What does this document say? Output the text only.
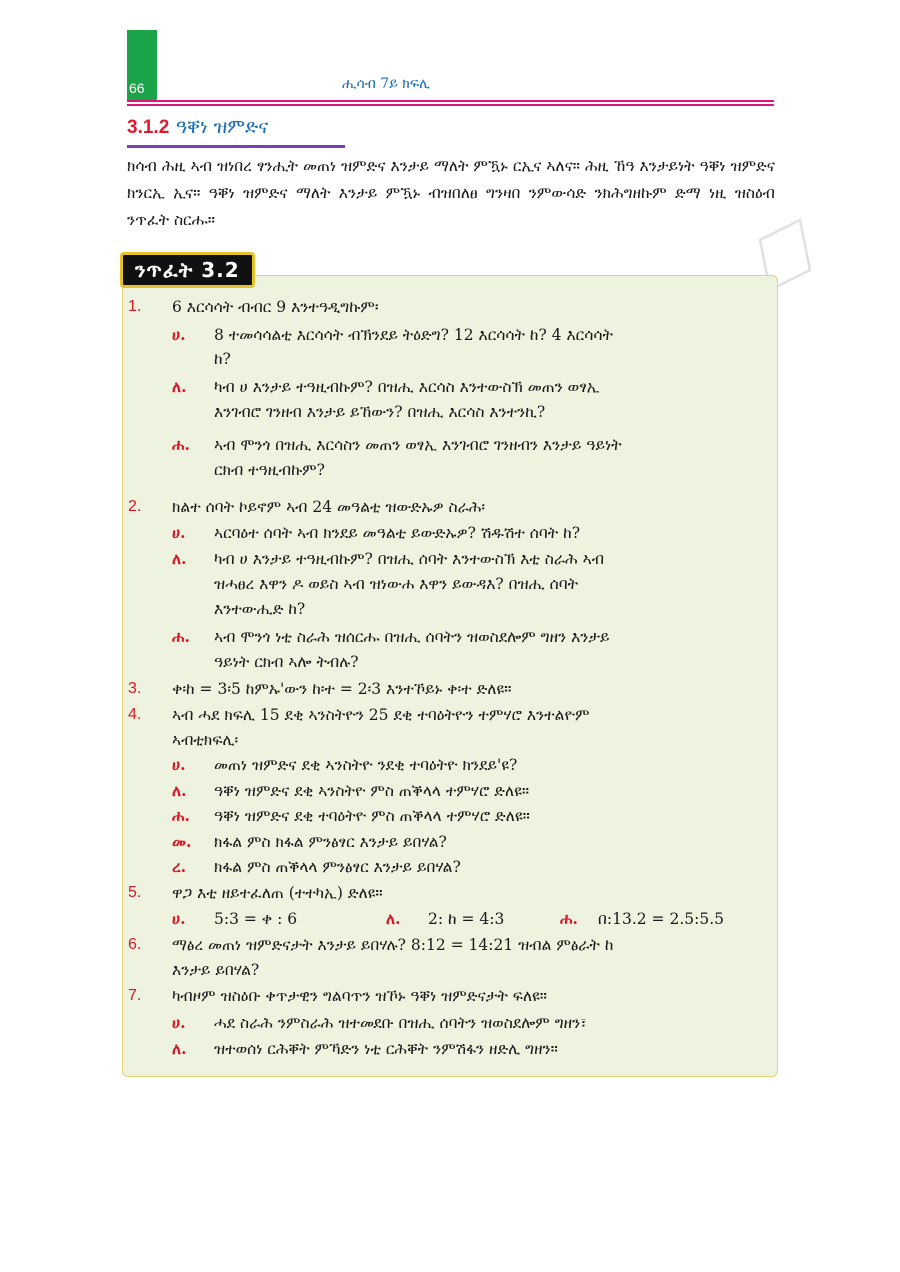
66	ሒሳብ 7ይ ክፍሊ
3.1.2 ዓቐነ ዝምድና
ክሳብ ሕዚ ኣብ ዝነበረ ፃንሒት መጠነ ዝምድና እንታይ ማለት ምዃኑ ርኢና ኣለና። ሕዚ ኸዓ እንታይነት ዓቐነ ዝምድና ክንርኢ ኢና። ዓቐነ ዝምድና ማለት እንታይ ምዃኑ ብዝበለፀ ግንዛበ ንምውሳድ ንክሕግዘኩም ድማ ነዚ ዝስዕብ ንጥፈት ስርሑ።
ንጥፈት 3.2
1. 6 እርሳሳት ብብር 9 እንተዓዲግኩም፡
ሀ. 8 ተመሳሳልቲ እርሳሳት ብኽንደይ ትዕድግ? 12 እርሳሳት ከ? 4 እርሳሳት
ከ?
ለ. ካብ ሀ እንታይ ተዓዚብኩም? በዝሒ እርሳስ እንተውስኽ መጠን ወፃኢ
እንገብሮ ገንዘብ እንታይ ይኸውን? በዝሒ እርሳስ እንተንኪ?
ሐ. ኣብ ሞንጎ በዝሒ እርሳስን መጠን ወፃኢ እንገብሮ ገንዘብን እንታይ ዓይነት
ርክብ ተዓዚብኩም?
2. ክልተ ሰባት ኮይኖም ኣብ 24 መዓልቲ ዝውድኡዎ ስራሕ፡
ሀ. ኣርባዕተ ሰባት ኣብ ክንደይ መዓልቲ ይውድኡዎ? ሽዱሽተ ሰባት ከ?
ለ. ካብ ሀ እንታይ ተዓዚብኩም? በዝሒ ሰባት እንተውስኽ እቲ ስራሕ ኣብ
ዝሓፀረ እዋን ዶ ወይስ ኣብ ዝነውሐ እዋን ይውዳእ? በዝሒ ሰባት
እንተውሒድ ከ?
ሐ. ኣብ ሞንጎ ነቲ ስራሕ ዝሰርሑ በዝሒ ሰባትን ዝወስደሎም ግዘን እንታይ
ዓይነት ርክብ ኣሎ ትብሉ?
3. ቀ፡ከ = 3፡5 ከምኡ'ውን ከ፡ተ = 2፡3 እንተኾይኑ ቀ፡ተ ድለዩ።
4. ኣብ ሓደ ክፍሊ 15 ደቂ ኣንስትዮን 25 ደቂ ተባዕትዮን ተምሃሮ እንተልዮም
ኣብቲክፍሊ፡
ሀ. መጠነ ዝምድና ደቂ ኣንስትዮ ንደቂ ተባዕትዮ ክንደይ'ዩ?
ለ. ዓቐነ ዝምድና ደቂ ኣንስትዮ ምስ ጠቕላላ ተምሃሮ ድለዩ።
ሐ. ዓቐነ ዝምድና ደቂ ተባዕትዮ ምስ ጠቕላላ ተምሃሮ ድለዩ።
መ. ክፋል ምስ ክፋል ምንፅፃር እንታይ ይበሃል?
ረ. ክፋል ምስ ጠቕላላ ምንፅፃር እንታይ ይበሃል?
5. ዋጋ እቲ ዘይተፈለጠ (ተተካኢ) ድለዩ።
ሀ. 5:3 = ቀ : 6	ለ. 2: ከ = 4:3	ሐ. በ:13.2 = 2.5:5.5
6. ማፅረ መጠነ ዝምድናታት እንታይ ይበሃሉ? 8:12 = 14:21 ዝብል ምፅራት ከ
እንታይ ይበሃል?
7. ካብዞም ዝስዕቡ ቀጥታዊን ግልባጥን ዝኾኑ ዓቐነ ዝምድናታት ፍለዩ።
ሀ. ሓደ ስራሕ ንምስራሕ ዝተመደቡ በዝሒ ሰባትን ዝወስደሎም ግዘን፣
ለ. ዝተወሰነ ርሕቐት ምኻድን ነቲ ርሕቐት ንምሽፋን ዘድሊ ግዘን።
